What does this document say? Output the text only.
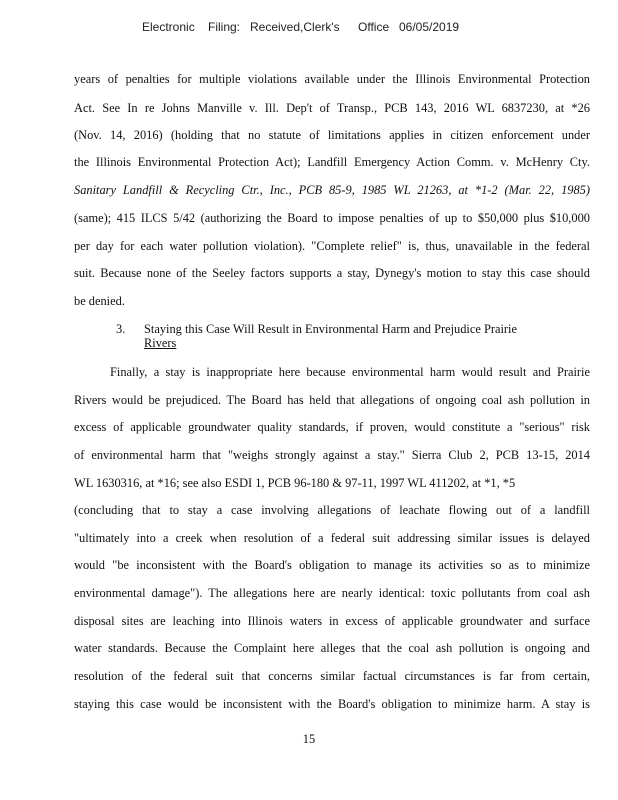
Electronic Filing: Received,Clerk's Office 06/05/2019
years of penalties for multiple violations available under the Illinois Environmental Protection
Act. See In re Johns Manville v. Ill. Dep't of Transp., PCB 143, 2016 WL 6837230, at *26
(Nov. 14, 2016) (holding that no statute of limitations applies in citizen enforcement under
the Illinois Environmental Protection Act); Landfill Emergency Action Comm. v. McHenry Cty.
Sanitary Landfill & Recycling Ctr., Inc., PCB 85-9, 1985 WL 21263, at *1-2 (Mar. 22, 1985)
(same); 415 ILCS 5/42 (authorizing the Board to impose penalties of up to $50,000 plus $10,000
per day for each water pollution violation). "Complete relief" is, thus, unavailable in the federal
suit. Because none of the Seeley factors supports a stay, Dynegy's motion to stay this case should
be denied.
3. Staying this Case Will Result in Environmental Harm and Prejudice Prairie
Rivers
Finally, a stay is inappropriate here because environmental harm would result and Prairie
Rivers would be prejudiced. The Board has held that allegations of ongoing coal ash pollution in
excess of applicable groundwater quality standards, if proven, would constitute a "serious" risk
of environmental harm that "weighs strongly against a stay." Sierra Club 2, PCB 13-15, 2014
WL 1630316, at *16; see also ESDI 1, PCB 96-180 & 97-11, 1997 WL 411202, at *1, *5
(concluding that to stay a case involving allegations of leachate flowing out of a landfill
"ultimately into a creek when resolution of a federal suit addressing similar issues is delayed
would "be inconsistent with the Board's obligation to manage its activities so as to minimize
environmental damage"). The allegations here are nearly identical: toxic pollutants from coal ash
disposal sites are leaching into Illinois waters in excess of applicable groundwater and surface
water standards. Because the Complaint here alleges that the coal ash pollution is ongoing and
resolution of the federal suit that concerns similar factual circumstances is far from certain,
staying this case would be inconsistent with the Board's obligation to minimize harm. A stay is
15
